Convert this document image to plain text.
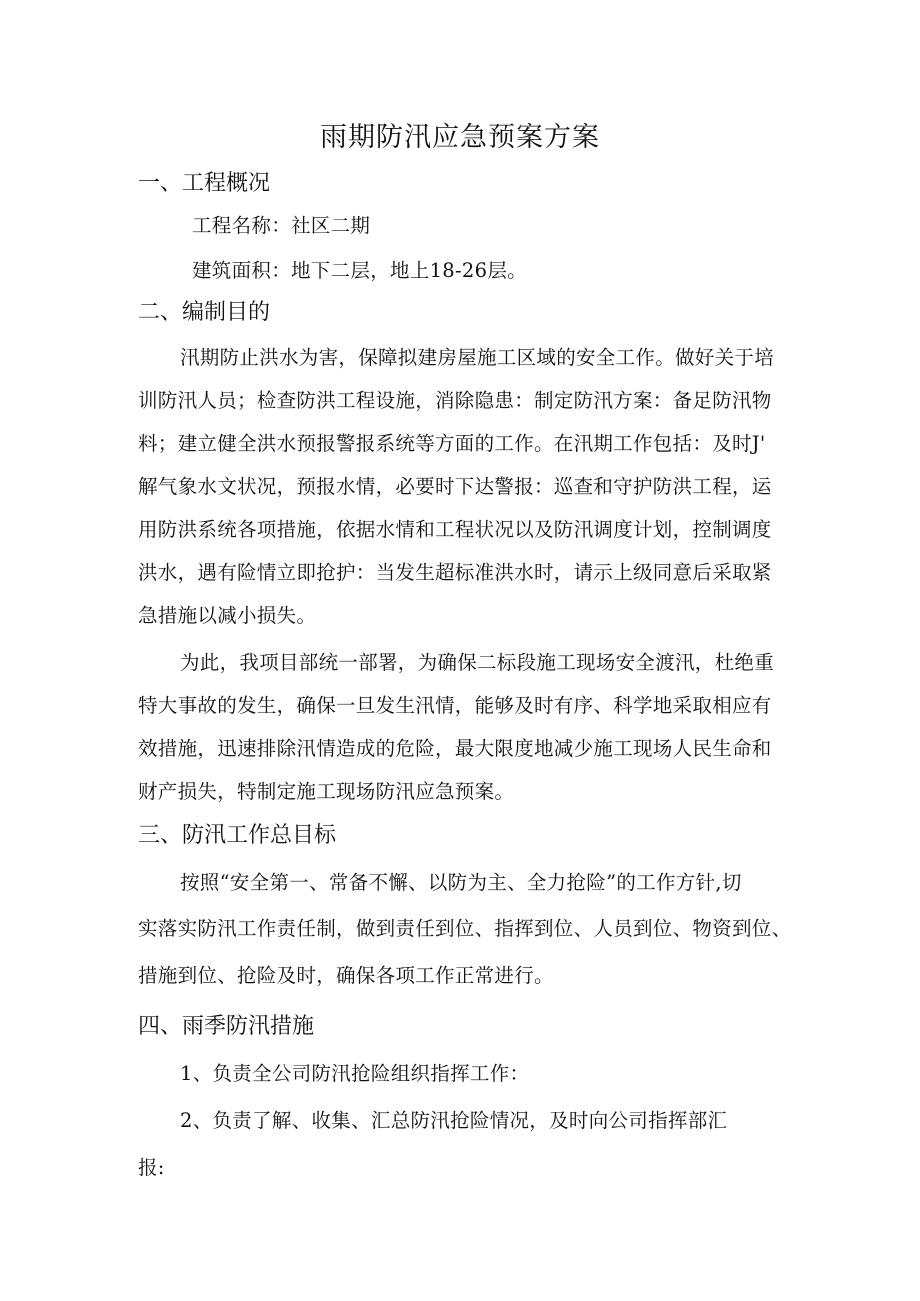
雨期防汛应急预案方案
一、工程概况
工程名称：社区二期
建筑面积：地下二层，地上18-26层。
二、编制目的
汛期防止洪水为害，保障拟建房屋施工区域的安全工作。做好关于培
训防汛人员；检查防洪工程设施，消除隐患：制定防汛方案：备足防汛物
料；建立健全洪水预报警报系统等方面的工作。在汛期工作包括：及时J'
解气象水文状况，预报水情，必要时下达警报：巡查和守护防洪工程，运
用防洪系统各项措施，依据水情和工程状况以及防汛调度计划，控制调度
洪水，遇有险情立即抢护：当发生超标准洪水时，请示上级同意后采取紧
急措施以减小损失。
为此，我项目部统一部署，为确保二标段施工现场安全渡汛，杜绝重
特大事故的发生，确保一旦发生汛情，能够及时有序、科学地采取相应有
效措施，迅速排除汛情造成的危险，最大限度地减少施工现场人民生命和
财产损失，特制定施工现场防汛应急预案。
三、防汛工作总目标
按照“安全第一、常备不懈、以防为主、全力抢险”的工作方针,切
实落实防汛工作责任制，做到责任到位、指挥到位、人员到位、物资到位、
措施到位、抢险及时，确保各项工作正常进行。
四、雨季防汛措施
1、负责全公司防汛抢险组织指挥工作：
2、负责了解、收集、汇总防汛抢险情况，及时向公司指挥部汇
报:
